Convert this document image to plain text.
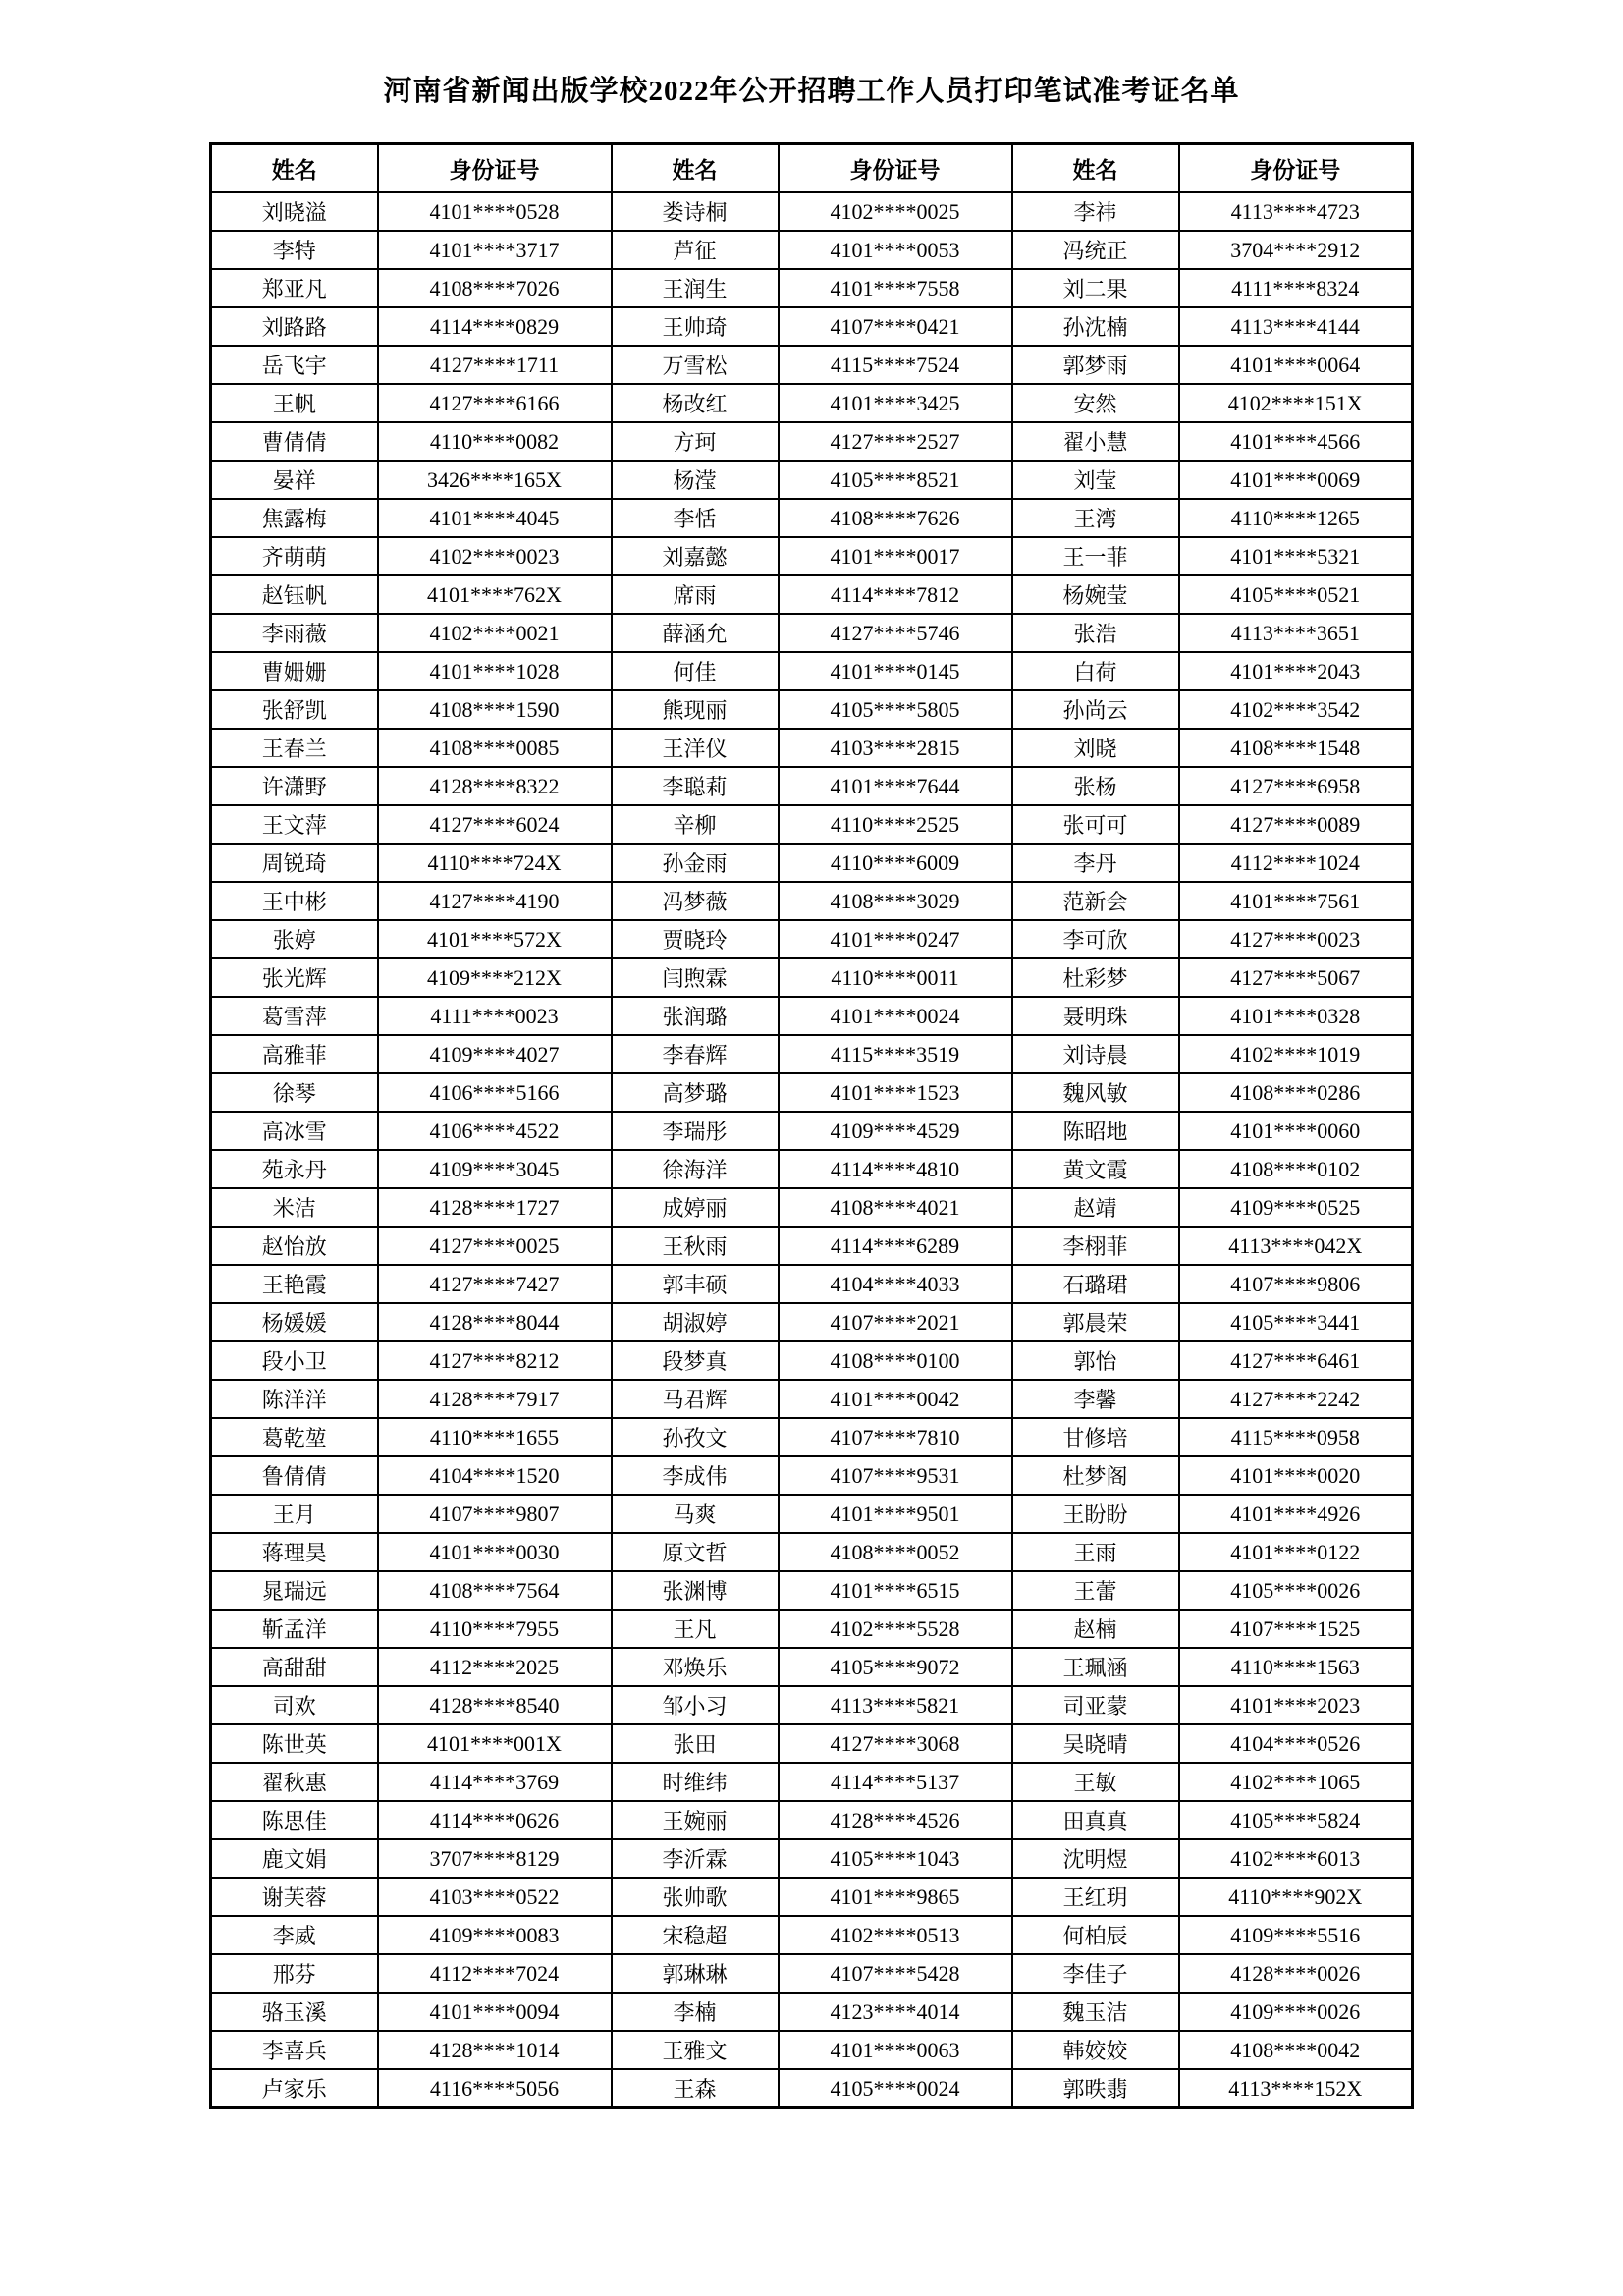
河南省新闻出版学校2022年公开招聘工作人员打印笔试准考证名单
姓名	身份证号	姓名	身份证号	姓名	身份证号
刘晓溢	4101****0528	娄诗桐	4102****0025	李祎	4113****4723
李特	4101****3717	芦征	4101****0053	冯统正	3704****2912
郑亚凡	4108****7026	王润生	4101****7558	刘二果	4111****8324
刘路路	4114****0829	王帅琦	4107****0421	孙沈楠	4113****4144
岳飞宇	4127****1711	万雪松	4115****7524	郭梦雨	4101****0064
王帆	4127****6166	杨改红	4101****3425	安然	4102****151X
曹倩倩	4110****0082	方珂	4127****2527	翟小慧	4101****4566
晏祥	3426****165X	杨滢	4105****8521	刘莹	4101****0069
焦露梅	4101****4045	李恬	4108****7626	王湾	4110****1265
齐萌萌	4102****0023	刘嘉懿	4101****0017	王一菲	4101****5321
赵钰帆	4101****762X	席雨	4114****7812	杨婉莹	4105****0521
李雨薇	4102****0021	薛涵允	4127****5746	张浩	4113****3651
曹姗姗	4101****1028	何佳	4101****0145	白荷	4101****2043
张舒凯	4108****1590	熊现丽	4105****5805	孙尚云	4102****3542
王春兰	4108****0085	王洋仪	4103****2815	刘晓	4108****1548
许潇野	4128****8322	李聪莉	4101****7644	张杨	4127****6958
王文萍	4127****6024	辛柳	4110****2525	张可可	4127****0089
周锐琦	4110****724X	孙金雨	4110****6009	李丹	4112****1024
王中彬	4127****4190	冯梦薇	4108****3029	范新会	4101****7561
张婷	4101****572X	贾晓玲	4101****0247	李可欣	4127****0023
张光辉	4109****212X	闫煦霖	4110****0011	杜彩梦	4127****5067
葛雪萍	4111****0023	张润璐	4101****0024	聂明珠	4101****0328
高雅菲	4109****4027	李春辉	4115****3519	刘诗晨	4102****1019
徐琴	4106****5166	高梦璐	4101****1523	魏风敏	4108****0286
高冰雪	4106****4522	李瑞彤	4109****4529	陈昭地	4101****0060
苑永丹	4109****3045	徐海洋	4114****4810	黄文霞	4108****0102
米洁	4128****1727	成婷丽	4108****4021	赵靖	4109****0525
赵怡放	4127****0025	王秋雨	4114****6289	李栩菲	4113****042X
王艳霞	4127****7427	郭丰硕	4104****4033	石璐珺	4107****9806
杨媛媛	4128****8044	胡淑婷	4107****2021	郭晨荣	4105****3441
段小卫	4127****8212	段梦真	4108****0100	郭怡	4127****6461
陈洋洋	4128****7917	马君辉	4101****0042	李馨	4127****2242
葛乾堃	4110****1655	孙孜文	4107****7810	甘修培	4115****0958
鲁倩倩	4104****1520	李成伟	4107****9531	杜梦阁	4101****0020
王月	4107****9807	马爽	4101****9501	王盼盼	4101****4926
蒋理昊	4101****0030	原文哲	4108****0052	王雨	4101****0122
晁瑞远	4108****7564	张渊博	4101****6515	王蕾	4105****0026
靳孟洋	4110****7955	王凡	4102****5528	赵楠	4107****1525
高甜甜	4112****2025	邓焕乐	4105****9072	王珮涵	4110****1563
司欢	4128****8540	邹小习	4113****5821	司亚蒙	4101****2023
陈世英	4101****001X	张田	4127****3068	吴晓晴	4104****0526
翟秋惠	4114****3769	时维纬	4114****5137	王敏	4102****1065
陈思佳	4114****0626	王婉丽	4128****4526	田真真	4105****5824
鹿文娟	3707****8129	李沂霖	4105****1043	沈明煜	4102****6013
谢芙蓉	4103****0522	张帅歌	4101****9865	王红玥	4110****902X
李威	4109****0083	宋稳超	4102****0513	何柏辰	4109****5516
邢芬	4112****7024	郭琳琳	4107****5428	李佳子	4128****0026
骆玉溪	4101****0094	李楠	4123****4014	魏玉洁	4109****0026
李喜兵	4128****1014	王雅文	4101****0063	韩姣姣	4108****0042
卢家乐	4116****5056	王森	4105****0024	郭昳翡	4113****152X
